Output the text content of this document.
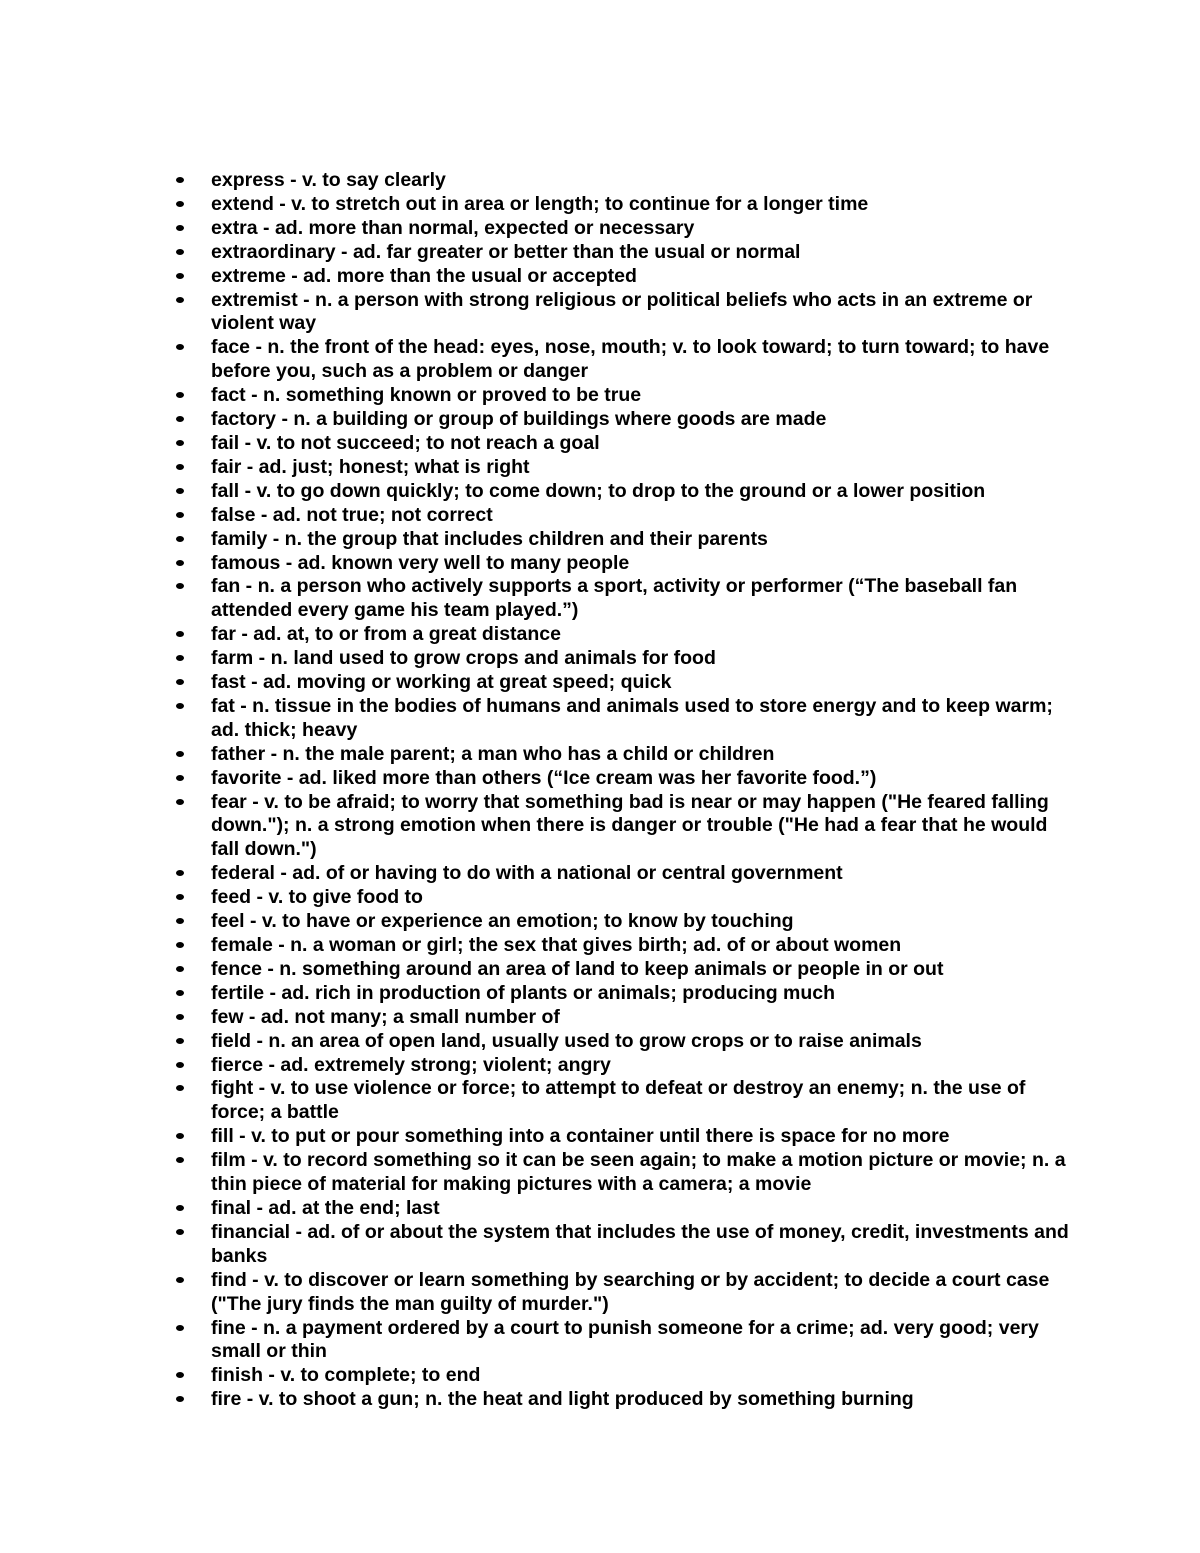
express - v. to say clearly
extend - v. to stretch out in area or length; to continue for a longer time
extra - ad. more than normal, expected or necessary
extraordinary - ad. far greater or better than the usual or normal
extreme - ad. more than the usual or accepted
extremist - n. a person with strong religious or political beliefs who acts in an extreme or violent way
face - n. the front of the head: eyes, nose, mouth; v. to look toward; to turn toward; to have before you, such as a problem or danger
fact - n. something known or proved to be true
factory - n. a building or group of buildings where goods are made
fail - v. to not succeed; to not reach a goal
fair - ad. just; honest; what is right
fall - v. to go down quickly; to come down; to drop to the ground or a lower position
false - ad. not true; not correct
family - n. the group that includes children and their parents
famous - ad. known very well to many people
fan - n. a person who actively supports a sport, activity or performer (“The baseball fan attended every game his team played.”)
far - ad. at, to or from a great distance
farm - n. land used to grow crops and animals for food
fast - ad. moving or working at great speed; quick
fat - n. tissue in the bodies of humans and animals used to store energy and to keep warm; ad. thick; heavy
father - n. the male parent; a man who has a child or children
favorite - ad. liked more than others (“Ice cream was her favorite food.”)
fear - v. to be afraid; to worry that something bad is near or may happen ("He feared falling down."); n. a strong emotion when there is danger or trouble ("He had a fear that he would fall down.")
federal - ad. of or having to do with a national or central government
feed - v. to give food to
feel - v. to have or experience an emotion; to know by touching
female - n. a woman or girl; the sex that gives birth; ad. of or about women
fence - n. something around an area of land to keep animals or people in or out
fertile - ad. rich in production of plants or animals; producing much
few - ad. not many; a small number of
field - n. an area of open land, usually used to grow crops or to raise animals
fierce - ad. extremely strong; violent; angry
fight - v. to use violence or force; to attempt to defeat or destroy an enemy; n. the use of force; a battle
fill - v. to put or pour something into a container until there is space for no more
film - v. to record something so it can be seen again; to make a motion picture or movie; n. a thin piece of material for making pictures with a camera; a movie
final - ad. at the end; last
financial - ad. of or about the system that includes the use of money, credit, investments and banks
find - v. to discover or learn something by searching or by accident; to decide a court case ("The jury finds the man guilty of murder.")
fine - n. a payment ordered by a court to punish someone for a crime; ad. very good; very small or thin
finish - v. to complete; to end
fire - v. to shoot a gun; n. the heat and light produced by something burning
